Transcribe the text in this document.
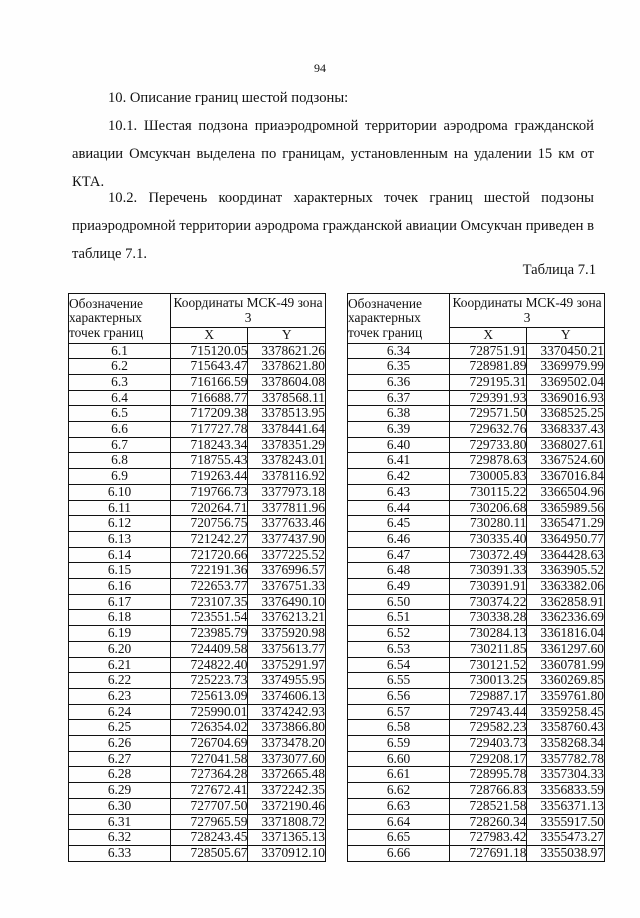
94
10. Описание границ шестой подзоны:
10.1. Шестая подзона приаэродромной территории аэродрома гражданской авиации Омсукчан выделена по границам, установленным на удалении 15 км от КТА.
10.2. Перечень координат характерных точек границ шестой подзоны приаэродромной территории аэродрома гражданской авиации Омсукчан приведен в таблице 7.1.
Таблица 7.1
Обозначение характерных точек границ	Координаты МСК-49 зона 3	
	X	Y
6.1	715120.05	3378621.26
6.2	715643.47	3378621.80
6.3	716166.59	3378604.08
6.4	716688.77	3378568.11
6.5	717209.38	3378513.95
6.6	717727.78	3378441.64
6.7	718243.34	3378351.29
6.8	718755.43	3378243.01
6.9	719263.44	3378116.92
6.10	719766.73	3377973.18
6.11	720264.71	3377811.96
6.12	720756.75	3377633.46
6.13	721242.27	3377437.90
6.14	721720.66	3377225.52
6.15	722191.36	3376996.57
6.16	722653.77	3376751.33
6.17	723107.35	3376490.10
6.18	723551.54	3376213.21
6.19	723985.79	3375920.98
6.20	724409.58	3375613.77
6.21	724822.40	3375291.97
6.22	725223.73	3374955.95
6.23	725613.09	3374606.13
6.24	725990.01	3374242.93
6.25	726354.02	3373866.80
6.26	726704.69	3373478.20
6.27	727041.58	3373077.60
6.28	727364.28	3372665.48
6.29	727672.41	3372242.35
6.30	727707.50	3372190.46
6.31	727965.59	3371808.72
6.32	728243.45	3371365.13
6.33	728505.67	3370912.10
Обозначение характерных точек границ	Координаты МСК-49 зона 3	
	X	Y
6.34	728751.91	3370450.21
6.35	728981.89	3369979.99
6.36	729195.31	3369502.04
6.37	729391.93	3369016.93
6.38	729571.50	3368525.25
6.39	729632.76	3368337.43
6.40	729733.80	3368027.61
6.41	729878.63	3367524.60
6.42	730005.83	3367016.84
6.43	730115.22	3366504.96
6.44	730206.68	3365989.56
6.45	730280.11	3365471.29
6.46	730335.40	3364950.77
6.47	730372.49	3364428.63
6.48	730391.33	3363905.52
6.49	730391.91	3363382.06
6.50	730374.22	3362858.91
6.51	730338.28	3362336.69
6.52	730284.13	3361816.04
6.53	730211.85	3361297.60
6.54	730121.52	3360781.99
6.55	730013.25	3360269.85
6.56	729887.17	3359761.80
6.57	729743.44	3359258.45
6.58	729582.23	3358760.43
6.59	729403.73	3358268.34
6.60	729208.17	3357782.78
6.61	728995.78	3357304.33
6.62	728766.83	3356833.59
6.63	728521.58	3356371.13
6.64	728260.34	3355917.50
6.65	727983.42	3355473.27
6.66	727691.18	3355038.97
